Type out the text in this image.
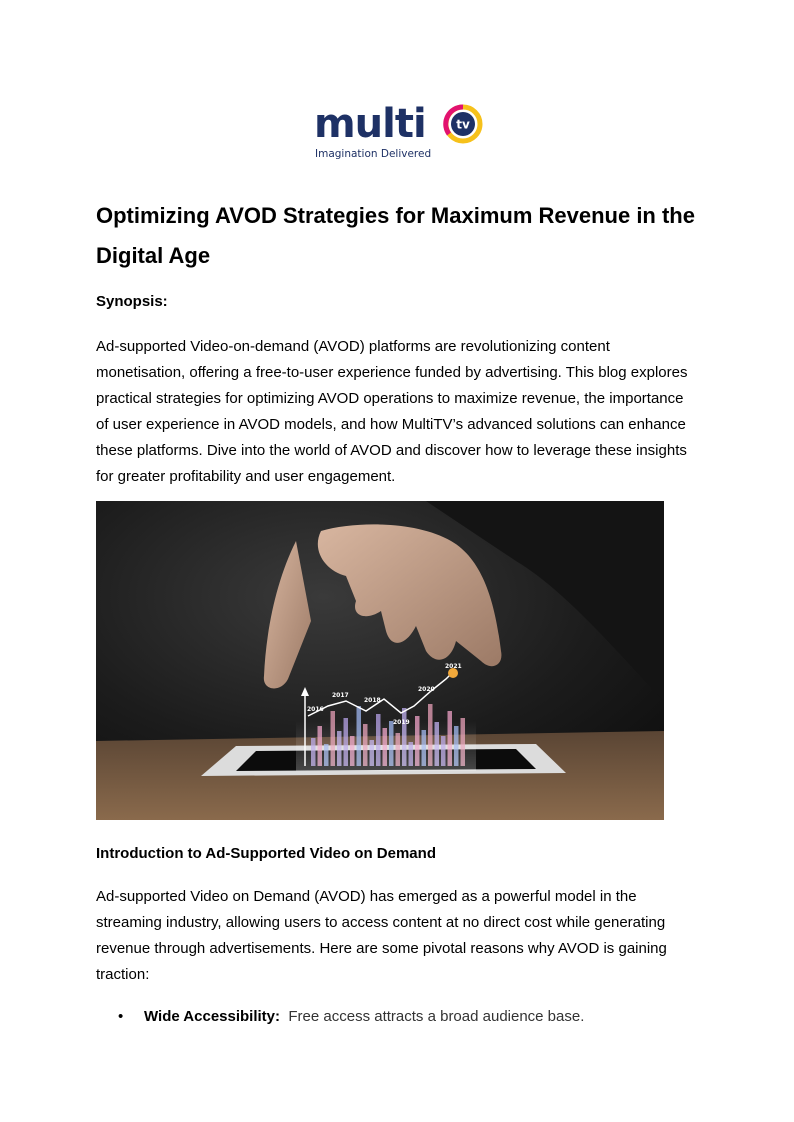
multi	tv
Imagination Delivered
Optimizing AVOD Strategies for Maximum Revenue in the Digital Age
Synopsis:

Ad-supported Video-on-demand (AVOD) platforms are revolutionizing content monetisation, offering a free-to-user experience funded by advertising. This blog explores practical strategies for optimizing AVOD operations to maximize revenue, the importance of user experience in AVOD models, and how MultiTV’s advanced solutions can enhance these platforms. Dive into the world of AVOD and discover how to leverage these insights for greater profitability and user engagement.

2016
2017
2018
2019
2020
2021
Introduction to Ad-Supported Video on Demand

Ad-supported Video on Demand (AVOD) has emerged as a powerful model in the streaming industry, allowing users to access content at no direct cost while generating revenue through advertisements. Here are some pivotal reasons why AVOD is gaining traction:

• Wide Accessibility: Free access attracts a broad audience base.
